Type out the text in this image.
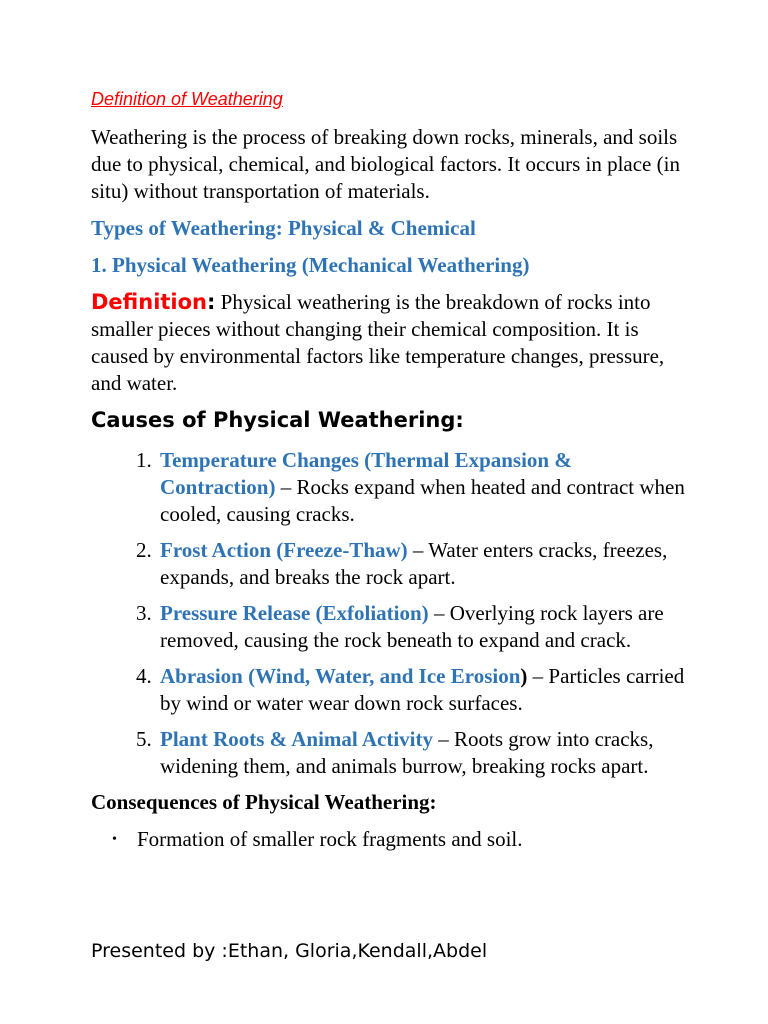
Definition of Weathering

Weathering is the process of breaking down rocks, minerals, and soils due to physical, chemical, and biological factors. It occurs in place (in situ) without transportation of materials.

Types of Weathering: Physical & Chemical
1. Physical Weathering (Mechanical Weathering)

Definition: Physical weathering is the breakdown of rocks into smaller pieces without changing their chemical composition. It is caused by environmental factors like temperature changes, pressure, and water.

Causes of Physical Weathering:
1. Temperature Changes (Thermal Expansion & Contraction) – Rocks expand when heated and contract when cooled, causing cracks.
2. Frost Action (Freeze-Thaw) – Water enters cracks, freezes, expands, and breaks the rock apart.
3. Pressure Release (Exfoliation) – Overlying rock layers are removed, causing the rock beneath to expand and crack.
4. Abrasion (Wind, Water, and Ice Erosion) – Particles carried by wind or water wear down rock surfaces.
5. Plant Roots & Animal Activity – Roots grow into cracks, widening them, and animals burrow, breaking rocks apart.
Consequences of Physical Weathering:
• Formation of smaller rock fragments and soil.
Presented by :Ethan, Gloria,Kendall,Abdel
